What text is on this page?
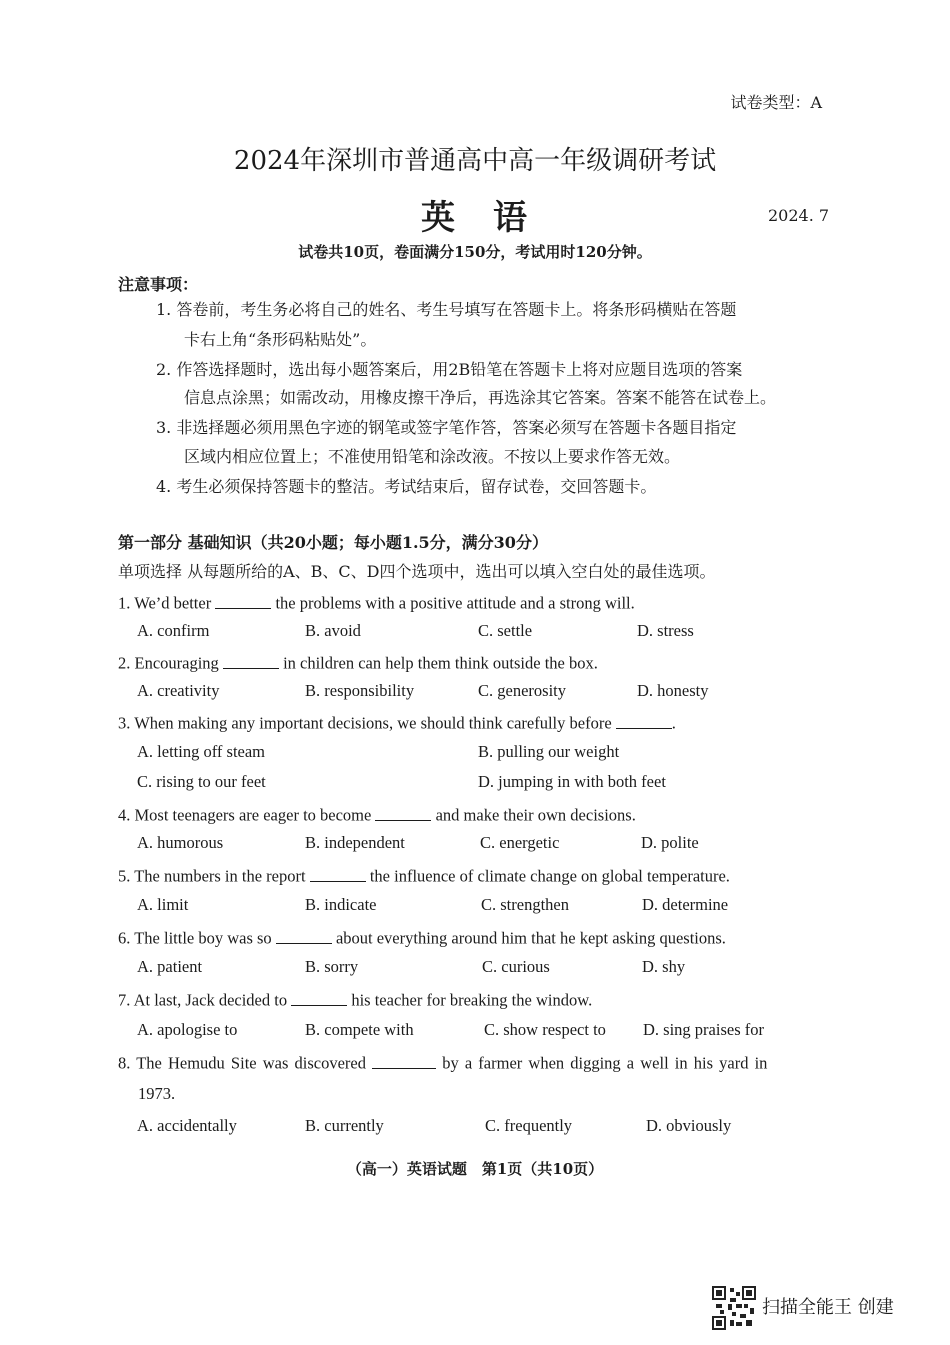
试卷类型：A
2024年深圳市普通高中高一年级调研考试
英　语	2024. 7
试卷共10页，卷面满分150分，考试用时120分钟。
注意事项：
1. 答卷前，考生务必将自己的姓名、考生号填写在答题卡上。将条形码横贴在答题
卡右上角“条形码粘贴处”。
2. 作答选择题时，选出每小题答案后，用2B铅笔在答题卡上将对应题目选项的答案
信息点涂黑；如需改动，用橡皮擦干净后，再选涂其它答案。答案不能答在试卷上。
3. 非选择题必须用黑色字迹的钢笔或签字笔作答，答案必须写在答题卡各题目指定
区域内相应位置上；不准使用铅笔和涂改液。不按以上要求作答无效。
4. 考生必须保持答题卡的整洁。考试结束后，留存试卷，交回答题卡。
第一部分 基础知识（共20小题；每小题1.5分，满分30分）
单项选择 从每题所给的A、B、C、D四个选项中，选出可以填入空白处的最佳选项。
1. We’d better	the problems with a positive attitude and a strong will.
A. confirm	B. avoid	C. settle	D. stress
2. Encouraging	in children can help them think outside the box.
A. creativity	B. responsibility	C. generosity	D. honesty
3. When making any important decisions, we should think carefully before	.
A. letting off steam	B. pulling our weight
C. rising to our feet	D. jumping in with both feet
4. Most teenagers are eager to become	and make their own decisions.
A. humorous	B. independent	C. energetic	D. polite
5. The numbers in the report	the influence of climate change on global temperature.
A. limit	B. indicate	C. strengthen	D. determine
6. The little boy was so	about everything around him that he kept asking questions.
A. patient	B. sorry	C. curious	D. shy
7. At last, Jack decided to	his teacher for breaking the window.
A. apologise to	B. compete with	C. show respect to D. sing praises for
8. The Hemudu Site was discovered	by a farmer when digging a well in his yard in
1973.
A. accidentally	B. currently	C. frequently	D. obviously
（高一）英语试题　第1页（共10页）
扫描全能王 创建
